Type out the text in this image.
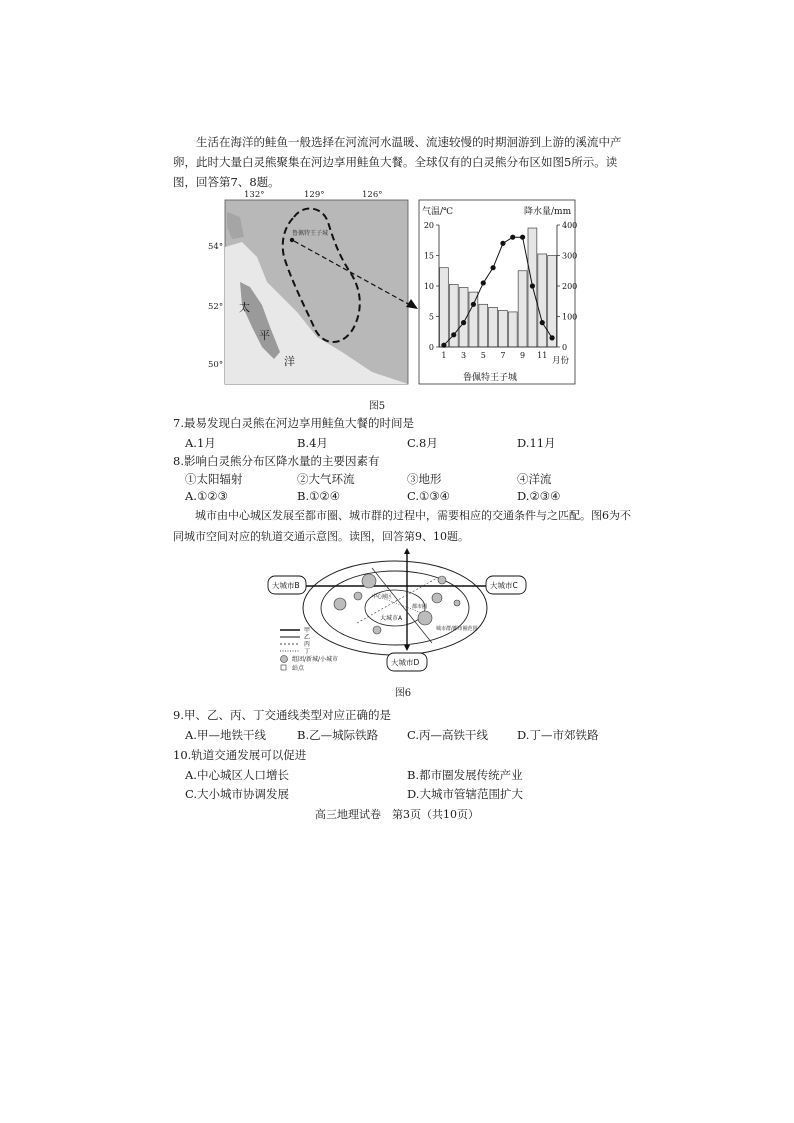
生活在海洋的鲑鱼一般选择在河流河水温暖、流速较慢的时期洄游到上游的溪流中产卵，此时大量白灵熊聚集在河边享用鲑鱼大餐。全球仅有的白灵熊分布区如图5所示。读图，回答第7、8题。

132°	129°	126°
54°
52°
50°
太
平
洋
鲁佩特王子城
0
5
10
15
20
0
100
200
300
400
1 3 5 7 9 11
气温/℃	降水量/mm
月份
鲁佩特王子城
图5
7.最易发现白灵熊在河边享用鲑鱼大餐的时间是
A.1月	B.4月	C.8月	D.11月
8.影响白灵熊分布区降水量的主要因素有
①太阳辐射	②大气环流	③地形	④洋流
A.①②③	B.①②④	C.①③④	D.②③④

城市由中心城区发展至都市圈、城市群的过程中，需要相应的交通条件与之匹配。图6为不同城市空间对应的轨道交通示意图。读图，回答第9、10题。

大城市B	大城市C
大城市D
大城市A
中心城区
都市圈
城市群/都市圈范围
甲
乙
丙
丁
组团/新城/小城市
站点
图6
9.甲、乙、丙、丁交通线类型对应正确的是
A.甲—地铁干线	B.乙—城际铁路	C.丙—高铁干线	D.丁—市郊铁路
10.轨道交通发展可以促进
A.中心城区人口增长	B.都市圈发展传统产业
C.大小城市协调发展	D.大城市管辖范围扩大
高三地理试卷　第3页（共10页）
